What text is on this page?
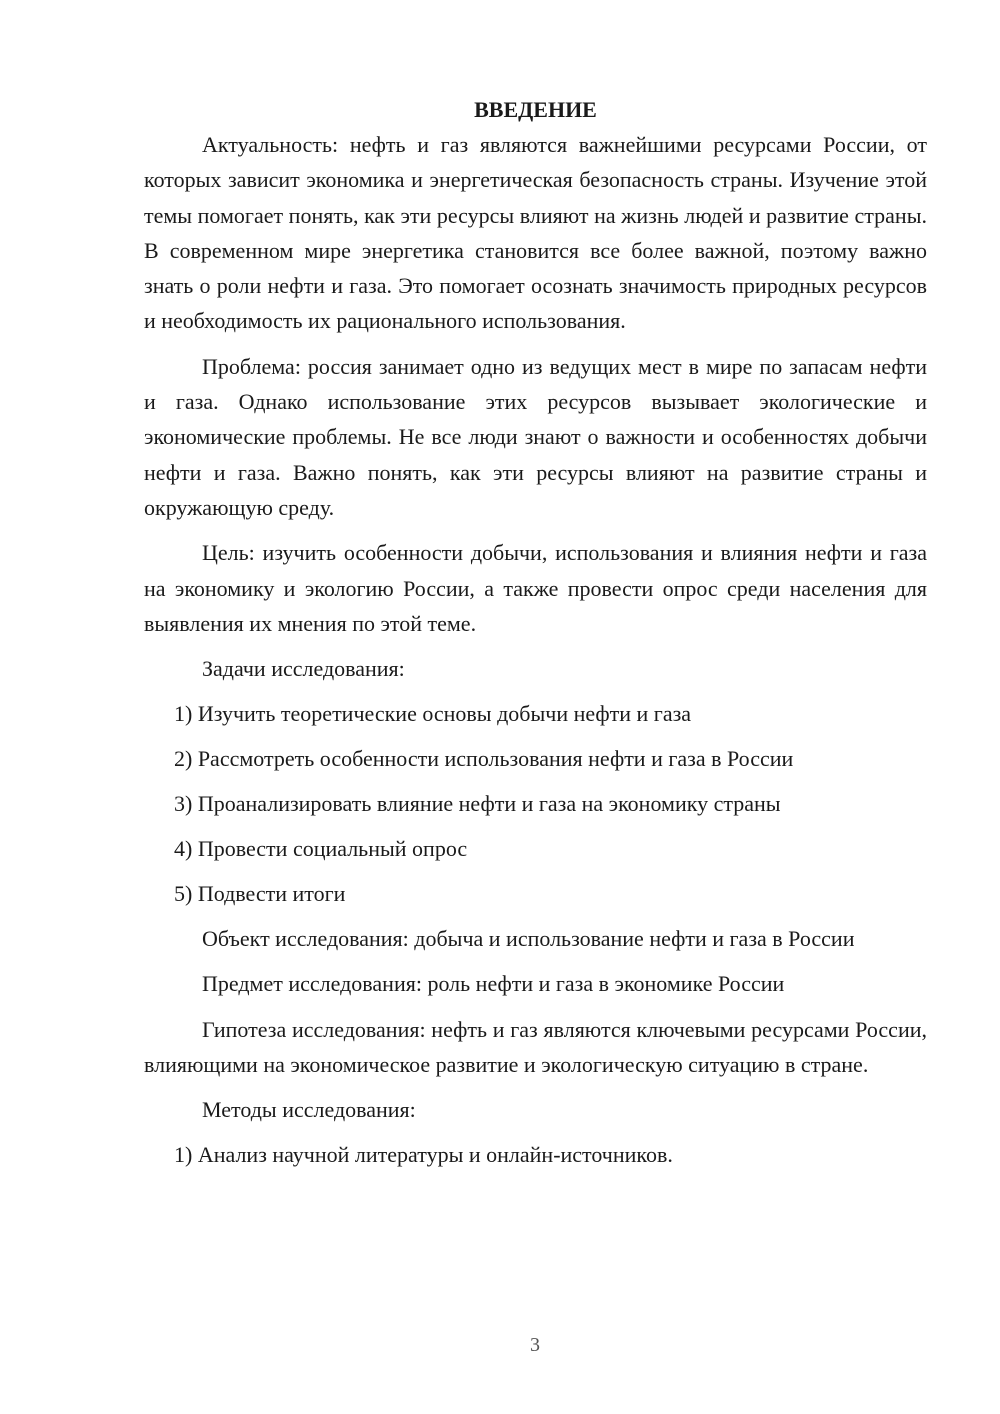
ВВЕДЕНИЕ

Актуальность: нефть и газ являются важнейшими ресурсами России, от которых зависит экономика и энергетическая безопасность страны. Изучение этой темы помогает понять, как эти ресурсы влияют на жизнь людей и развитие страны. В современном мире энергетика становится все более важной, поэтому важно знать о роли нефти и газа. Это помогает осознать значимость природных ресурсов и необходимость их рационального использования.

Проблема: россия занимает одно из ведущих мест в мире по запасам нефти и газа. Однако использование этих ресурсов вызывает экологические и экономические проблемы. Не все люди знают о важности и особенностях добычи нефти и газа. Важно понять, как эти ресурсы влияют на развитие страны и окружающую среду.

Цель: изучить особенности добычи, использования и влияния нефти и газа на экономику и экологию России, а также провести опрос среди населения для выявления их мнения по этой теме.

Задачи исследования:

1) Изучить теоретические основы добычи нефти и газа

2) Рассмотреть особенности использования нефти и газа в России

3) Проанализировать влияние нефти и газа на экономику страны

4) Провести социальный опрос

5) Подвести итоги

Объект исследования: добыча и использование нефти и газа в России

Предмет исследования: роль нефти и газа в экономике России

Гипотеза исследования: нефть и газ являются ключевыми ресурсами России, влияющими на экономическое развитие и экологическую ситуацию в стране.

Методы исследования:

1) Анализ научной литературы и онлайн-источников.

3
